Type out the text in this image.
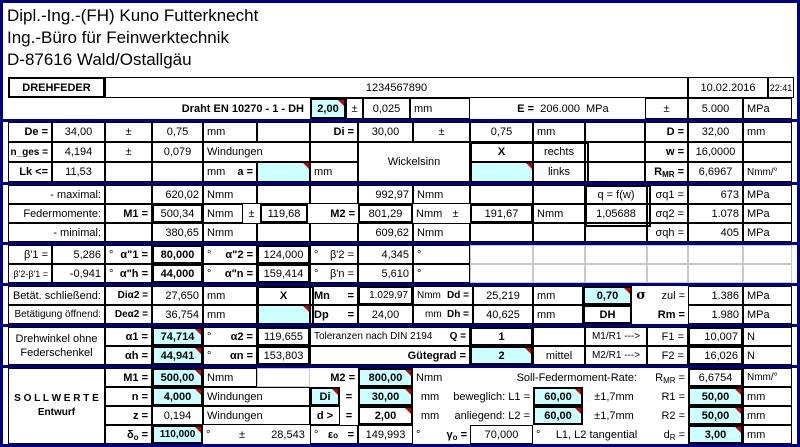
Dipl.-Ing.-(FH) Kuno Futterknecht
Ing.-Büro für Feinwerktechnik
D-87616 Wald/Ostallgäu
DREHFEDER	1234567890	10.02.2016	22:41
Draht EN 10270 - 1 - DH	2,00	±	0,025	mm	E = 206.000 MPa	±	5.000	MPa
De =	34,00	±	0,75	mm	Di =	30,00	±	0,75	mm	D =	32,00	mm
n_ges =	4,194	±	0,079	Windungen
Wickelsinn
X	rechts	w =	16,0000
Lk <=	11,53	mm a =	mm	links	R MR =	6,6967	Nmm/°
- maximal:	620,02 Nmm	992,97 Nmm	q = f(w)	σq1 =	673 MPa
Federmomente:	M1 =	500,34	Nmm	±	119,68	M2 =	801,29	Nmm ±	191,67	Nmm	1,05688	σq2 =	1.078 MPa
- minimal:	380,65 Nmm	609,62 Nmm	σqh =	405 MPa
β'1 =	5,286 ° α"1 =	80,000	° α"2 = 124,000 ° β'2 =	4,345 °
β'2-β'1 =	-0,941 ° α"h =	44,000	° α"n = 159,414 ° β'n =	5,610 °
Betät. schließend:	Diα2 =	27,650 mm	X	Mn =	1.029,97 Nmm Dd =	25,219	mm	0,70	σ	zul =	1.386 MPa
Betätigung öffnend:	Deα2 =	36,754 mm	Dp =	24,00	mm Dh =	40,625	mm	DH	Rm =	1.980 MPa
Drehwinkel ohne
Federschenkel
α1 =	74,714	° α2 =	119,655	Toleranzen nach DIN 2194 Q =	1	M1/R1 --->	F1 =	10,007 N
αh =	44,941	° αn = 153,803	Gütegrad =	2	mittel	M2/R1 --->	F2 =	16,026 N
S O L L W E R T E
Entwurf
M1 =	500,00	Nmm	M2 =	800,00	Nmm	Soll-Federmoment-Rate: R MR =	6,6754	Nmm/°
n =	4,000	Windungen	Di	=	30,00	mm	beweglich: L1 =	60,00	±1,7mm	R1 =	50,00	mm
z =	0,194	Windungen	d >	=	2,00	mm	anliegend: L2 =	60,00	±1,7mm	R2 =	50,00	mm
δ o =	110,000 °	±	28,543 ° εo =	149,993 °	γ o =	70,000	°	L1, L2 tangential	d R =	3,00	mm
